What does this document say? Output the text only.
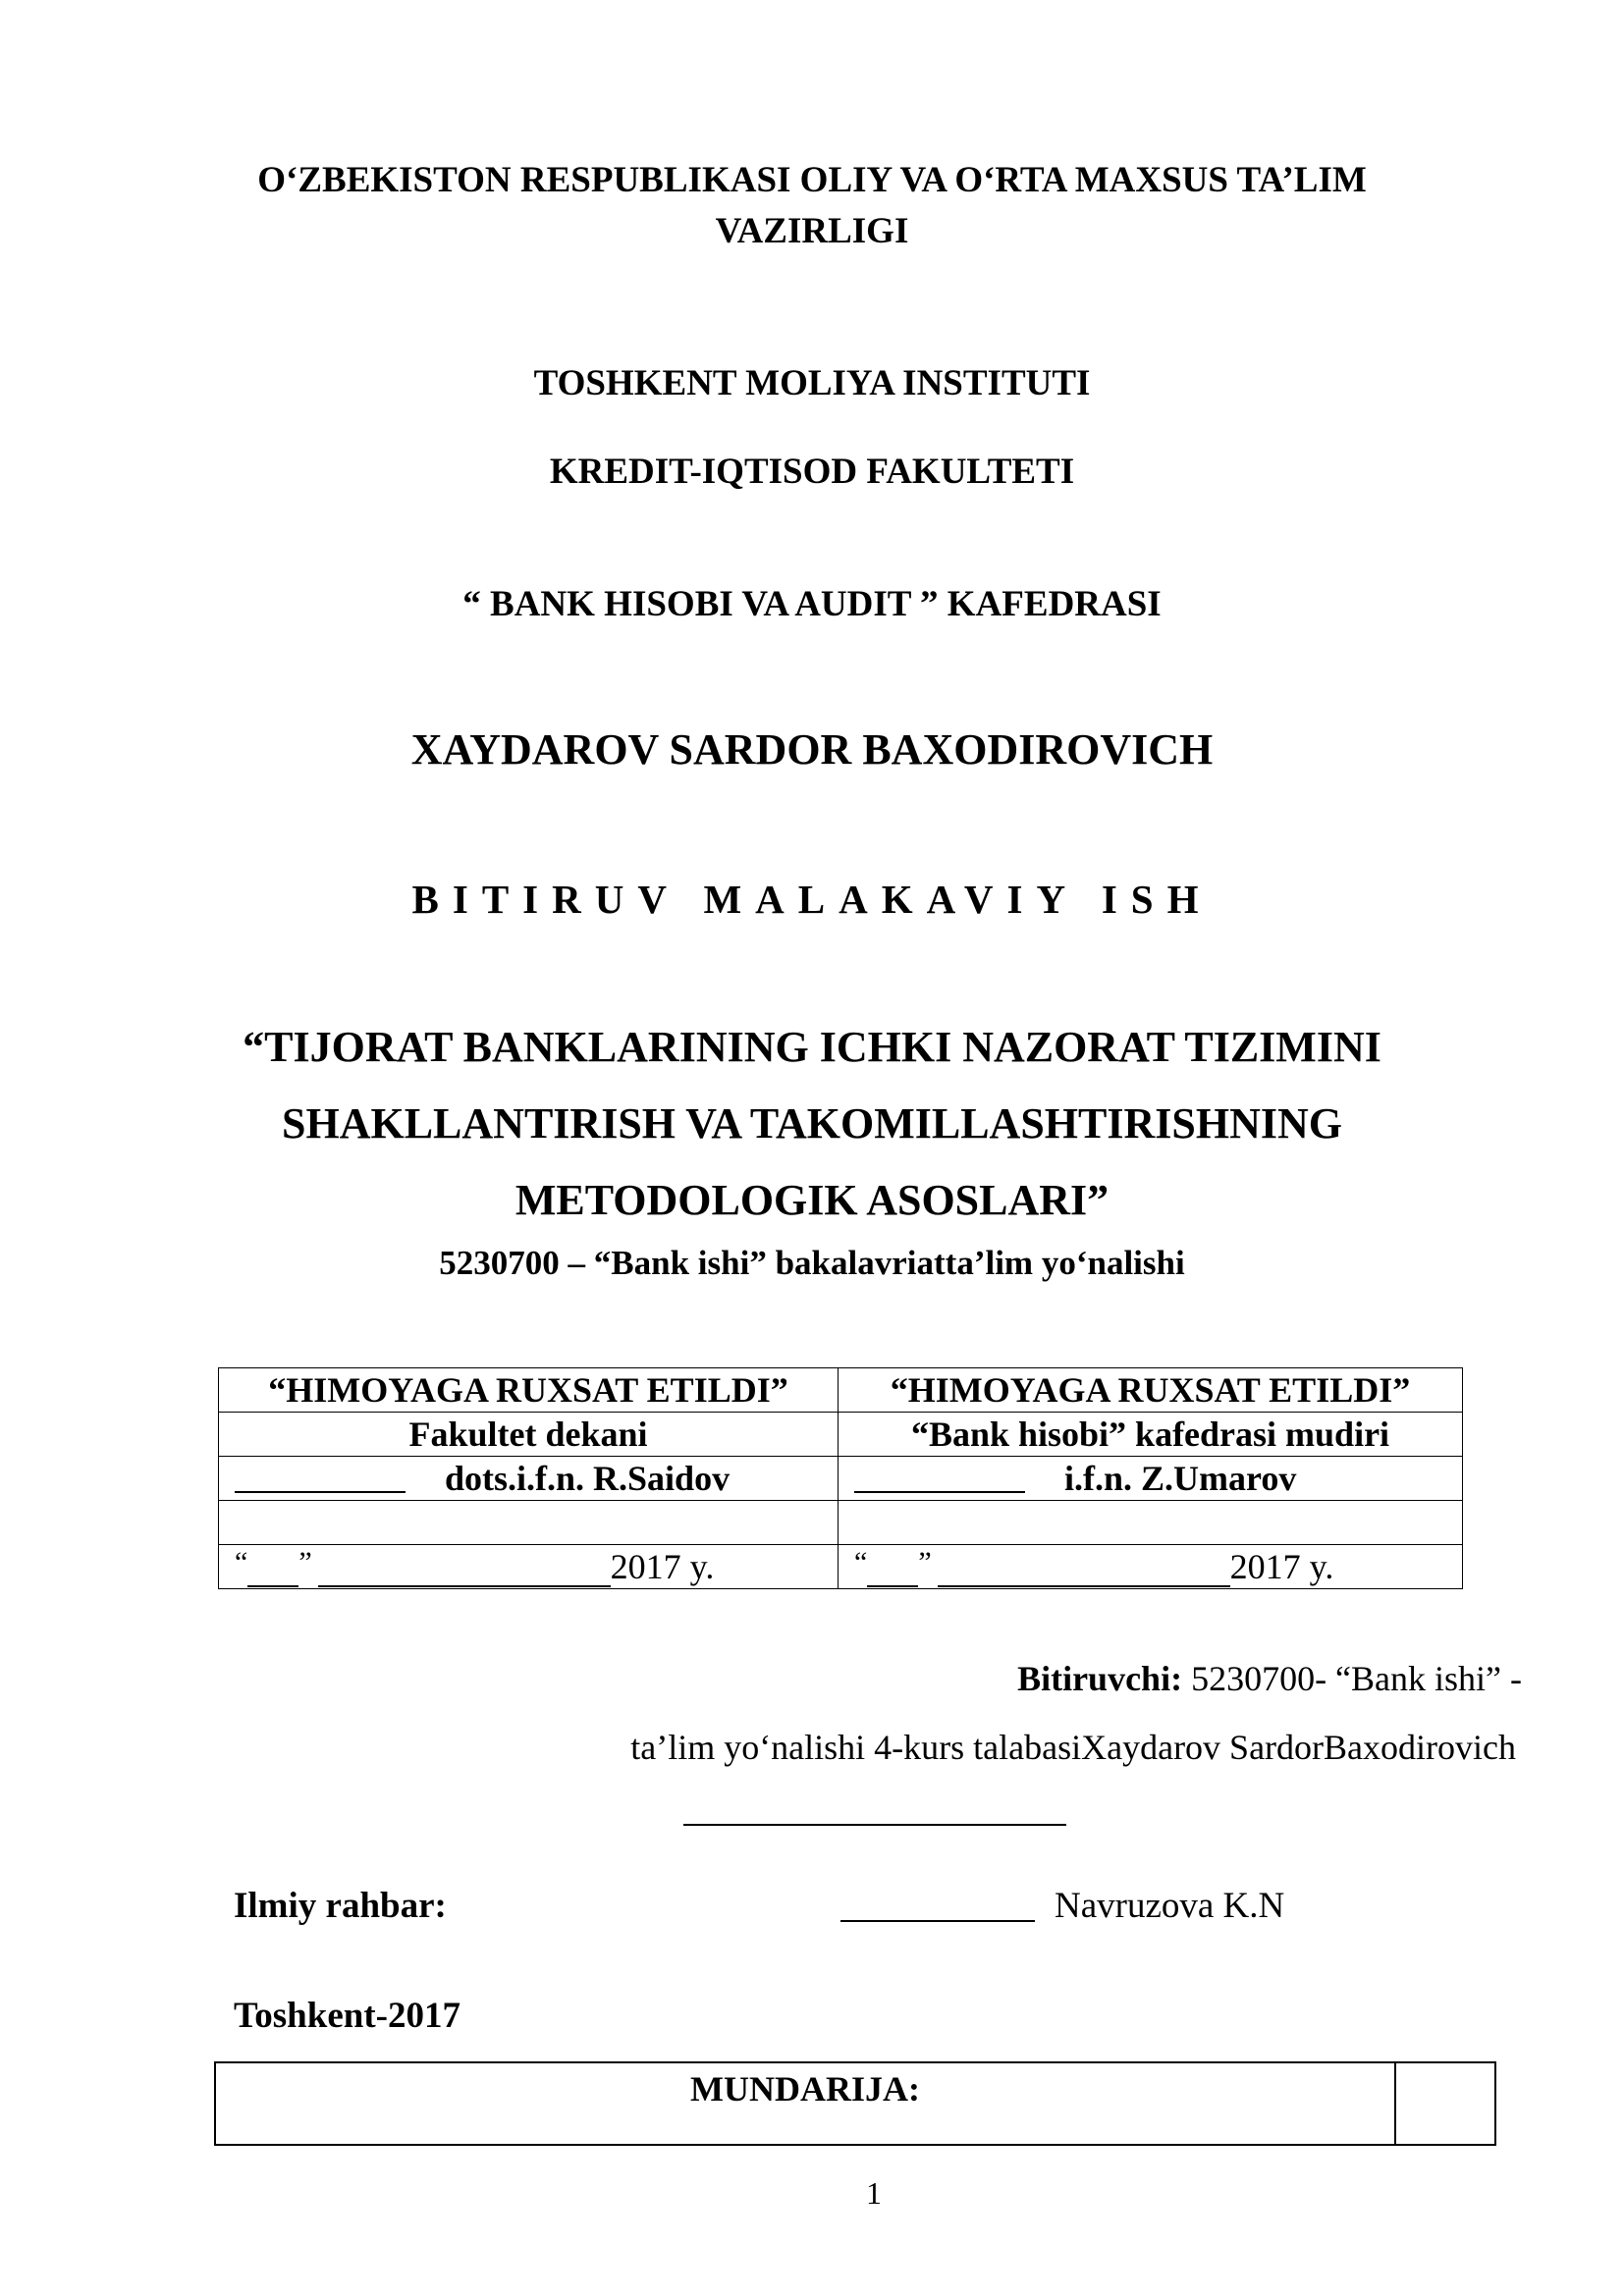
O‘ZBEKISTON RESPUBLIKASI OLIY VA O‘RTA MAXSUS TA’LIM
VAZIRLIGI
TOSHKENT MOLIYA INSTITUTI
KREDIT-IQTISOD FAKULTETI
“ BANK HISOBI VA AUDIT ” KAFEDRASI
XAYDAROV SARDOR BAXODIROVICH
BITIRUV MALAKAVIY ISH
“TIJORAT BANKLARINING ICHKI NAZORAT TIZIMINI
SHAKLLANTIRISH VA TAKOMILLASHTIRISHNING
METODOLOGIK ASOSLARI”
5230700 – “Bank ishi” bakalavriatta’lim yo‘nalishi
“HIMOYAGA RUXSAT ETILDI”	“HIMOYAGA RUXSAT ETILDI”
Fakultet dekani	“Bank hisobi” kafedrasi mudiri
dots.i.f.n. R.Saidov	i.f.n. Z.Umarov

“ ” 2017 y.	“ ” 2017 y.
Bitiruvchi: 5230700- “Bank ishi” -
ta’lim yo‘nalishi 4-kurs talabasiXaydarov SardorBaxodirovich
Ilmiy rahbar:	Navruzova K.N
Toshkent-2017
MUNDARIJA:
1
